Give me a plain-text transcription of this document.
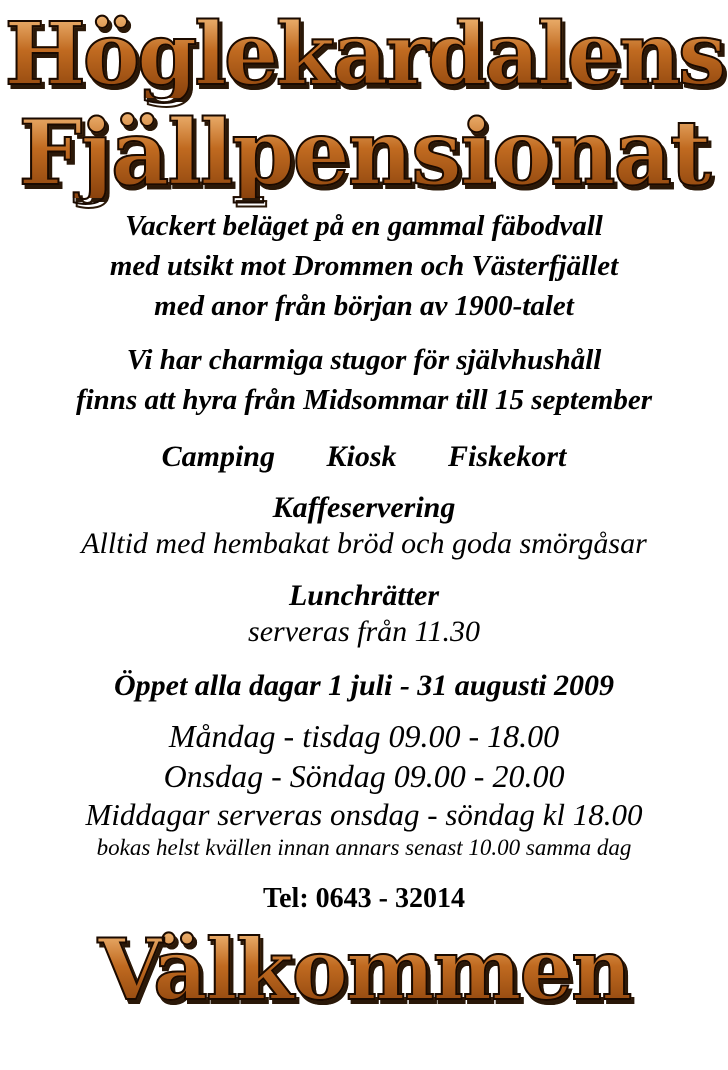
Höglekardalens
Fjällpensionat
Vackert beläget på en gammal fäbodvall
med utsikt mot Drommen och Västerfjället
med anor från början av 1900-talet
Vi har charmiga stugor för självhushåll
finns att hyra från Midsommar till 15 september
Camping Kiosk Fiskekort
Kaffeservering
Alltid med hembakat bröd och goda smörgåsar
Lunchrätter
serveras från 11.30
Öppet alla dagar 1 juli - 31 augusti 2009
Måndag - tisdag 09.00 - 18.00
Onsdag - Söndag 09.00 - 20.00
Middagar serveras onsdag - söndag kl 18.00
bokas helst kvällen innan annars senast 10.00 samma dag
Tel: 0643 - 32014
Välkommen
